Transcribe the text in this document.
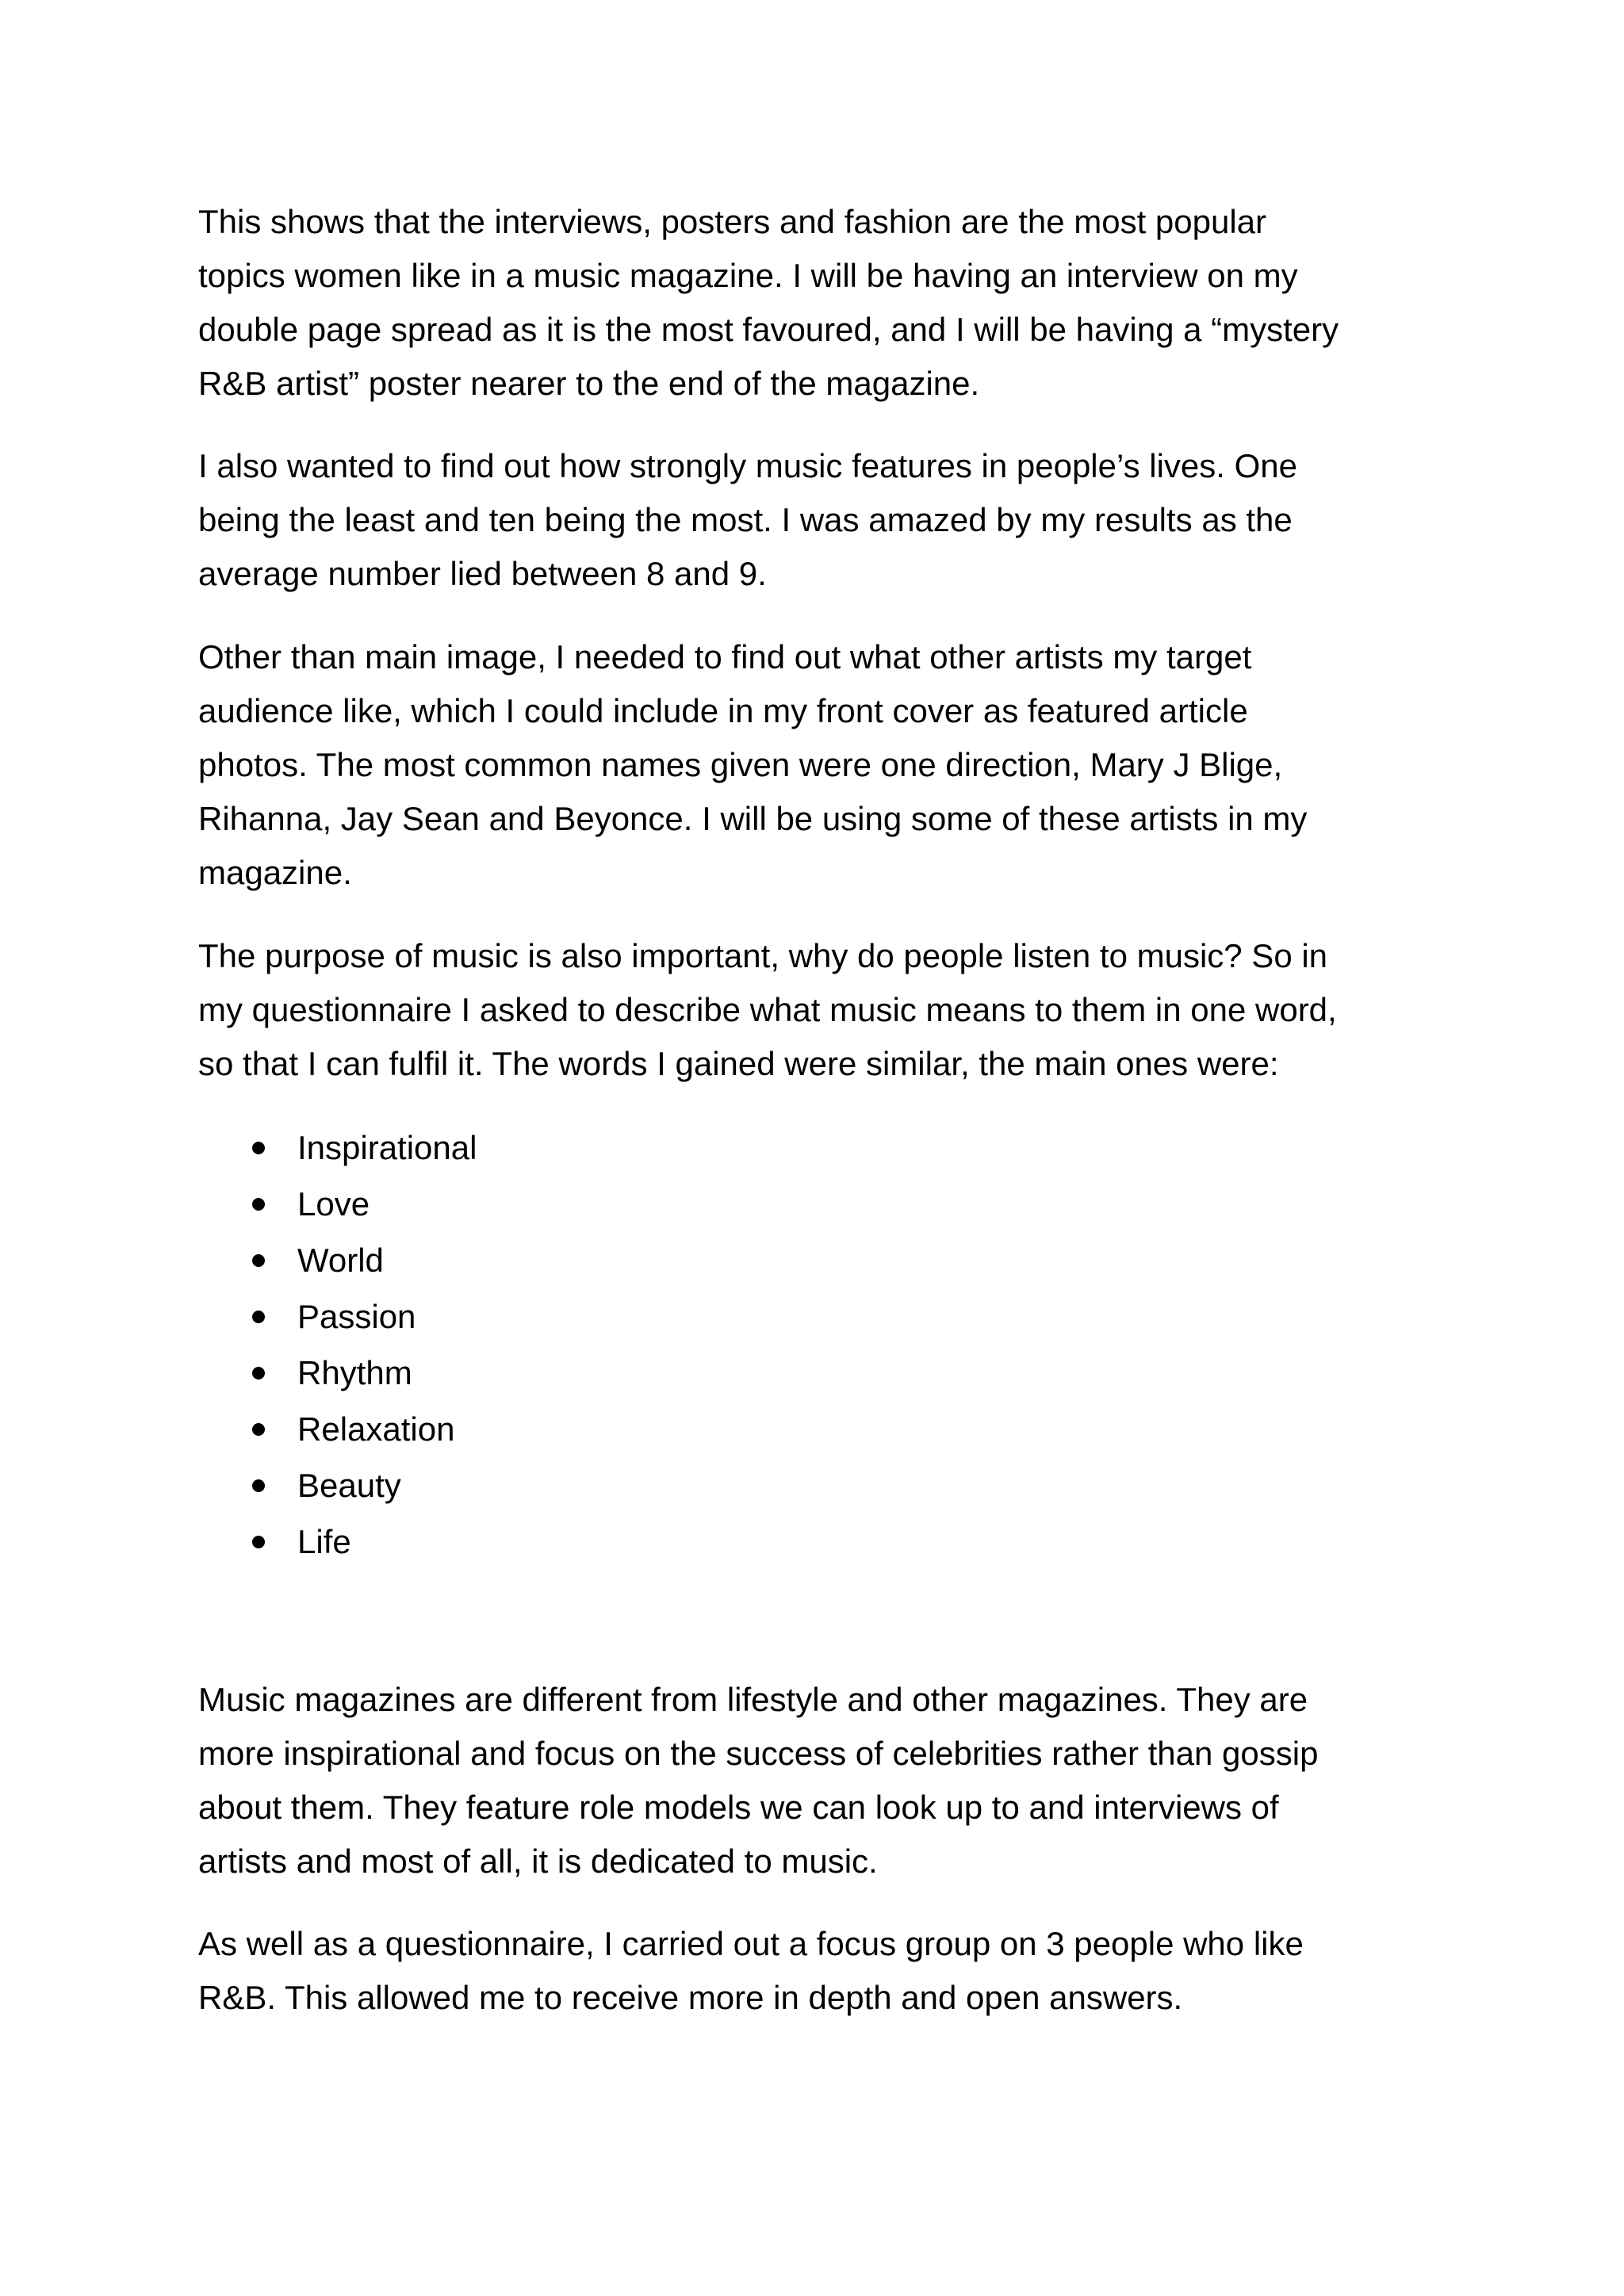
This shows that the interviews, posters and fashion are the most popular

topics women like in a music magazine. I will be having an interview on my

double page spread as it is the most favoured, and I will be having a “mystery

R&B artist” poster nearer to the end of the magazine.

I also wanted to find out how strongly music features in people’s lives. One

being the least and ten being the most. I was amazed by my results as the

average number lied between 8 and 9.

Other than main image, I needed to find out what other artists my target

audience like, which I could include in my front cover as featured article

photos. The most common names given were one direction, Mary J Blige,

Rihanna, Jay Sean and Beyonce. I will be using some of these artists in my

magazine.

The purpose of music is also important, why do people listen to music? So in

my questionnaire I asked to describe what music means to them in one word,

so that I can fulfil it. The words I gained were similar, the main ones were:

Inspirational
Love
World
Passion
Rhythm
Relaxation
Beauty
Life

Music magazines are different from lifestyle and other magazines. They are

more inspirational and focus on the success of celebrities rather than gossip

about them. They feature role models we can look up to and interviews of

artists and most of all, it is dedicated to music.

As well as a questionnaire, I carried out a focus group on 3 people who like

R&B. This allowed me to receive more in depth and open answers.
